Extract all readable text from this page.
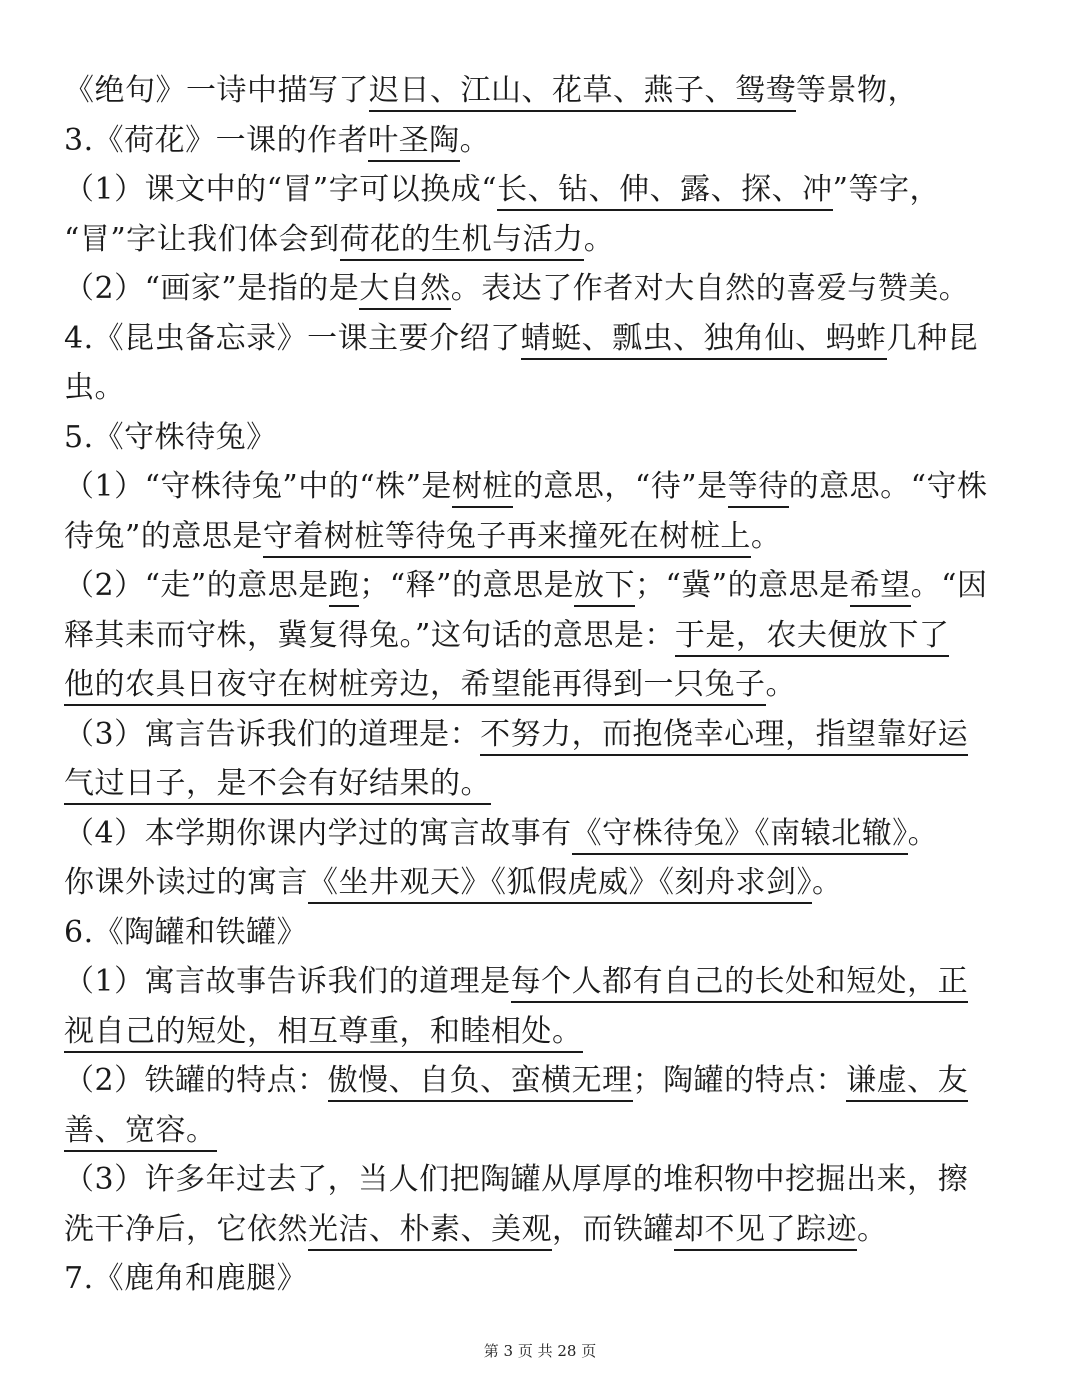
《绝句》一诗中描写了迟日、江山、花草、燕子、鸳鸯等景物，
3.《荷花》一课的作者叶圣陶。
（1）课文中的“冒”字可以换成“长、钻、伸、露、探、冲”等字，
“冒”字让我们体会到荷花的生机与活力。
（2）“画家”是指的是大自然。表达了作者对大自然的喜爱与赞美。
4.《昆虫备忘录》一课主要介绍了蜻蜓、瓢虫、独角仙、蚂蚱几种昆
虫。
5.《守株待兔》
（1）“守株待兔”中的“株”是树桩的意思，“待”是等待的意思。“守株
待兔”的意思是守着树桩等待兔子再来撞死在树桩上。
（2）“走”的意思是跑；“释”的意思是放下；“冀”的意思是希望。“因
释其耒而守株，冀复得兔。”这句话的意思是：于是，农夫便放下了
他的农具日夜守在树桩旁边，希望能再得到一只兔子。
（3）寓言告诉我们的道理是：不努力，而抱侥幸心理，指望靠好运
气过日子，是不会有好结果的。
（4）本学期你课内学过的寓言故事有《守株待兔》《南辕北辙》。
你课外读过的寓言《坐井观天》《狐假虎威》《刻舟求剑》。
6.《陶罐和铁罐》
（1）寓言故事告诉我们的道理是每个人都有自己的长处和短处，正
视自己的短处，相互尊重，和睦相处。
（2）铁罐的特点：傲慢、自负、蛮横无理；陶罐的特点：谦虚、友
善、宽容。
（3）许多年过去了，当人们把陶罐从厚厚的堆积物中挖掘出来，擦
洗干净后，它依然光洁、朴素、美观，而铁罐却不见了踪迹。
7.《鹿角和鹿腿》
第 3 页 共 28 页
